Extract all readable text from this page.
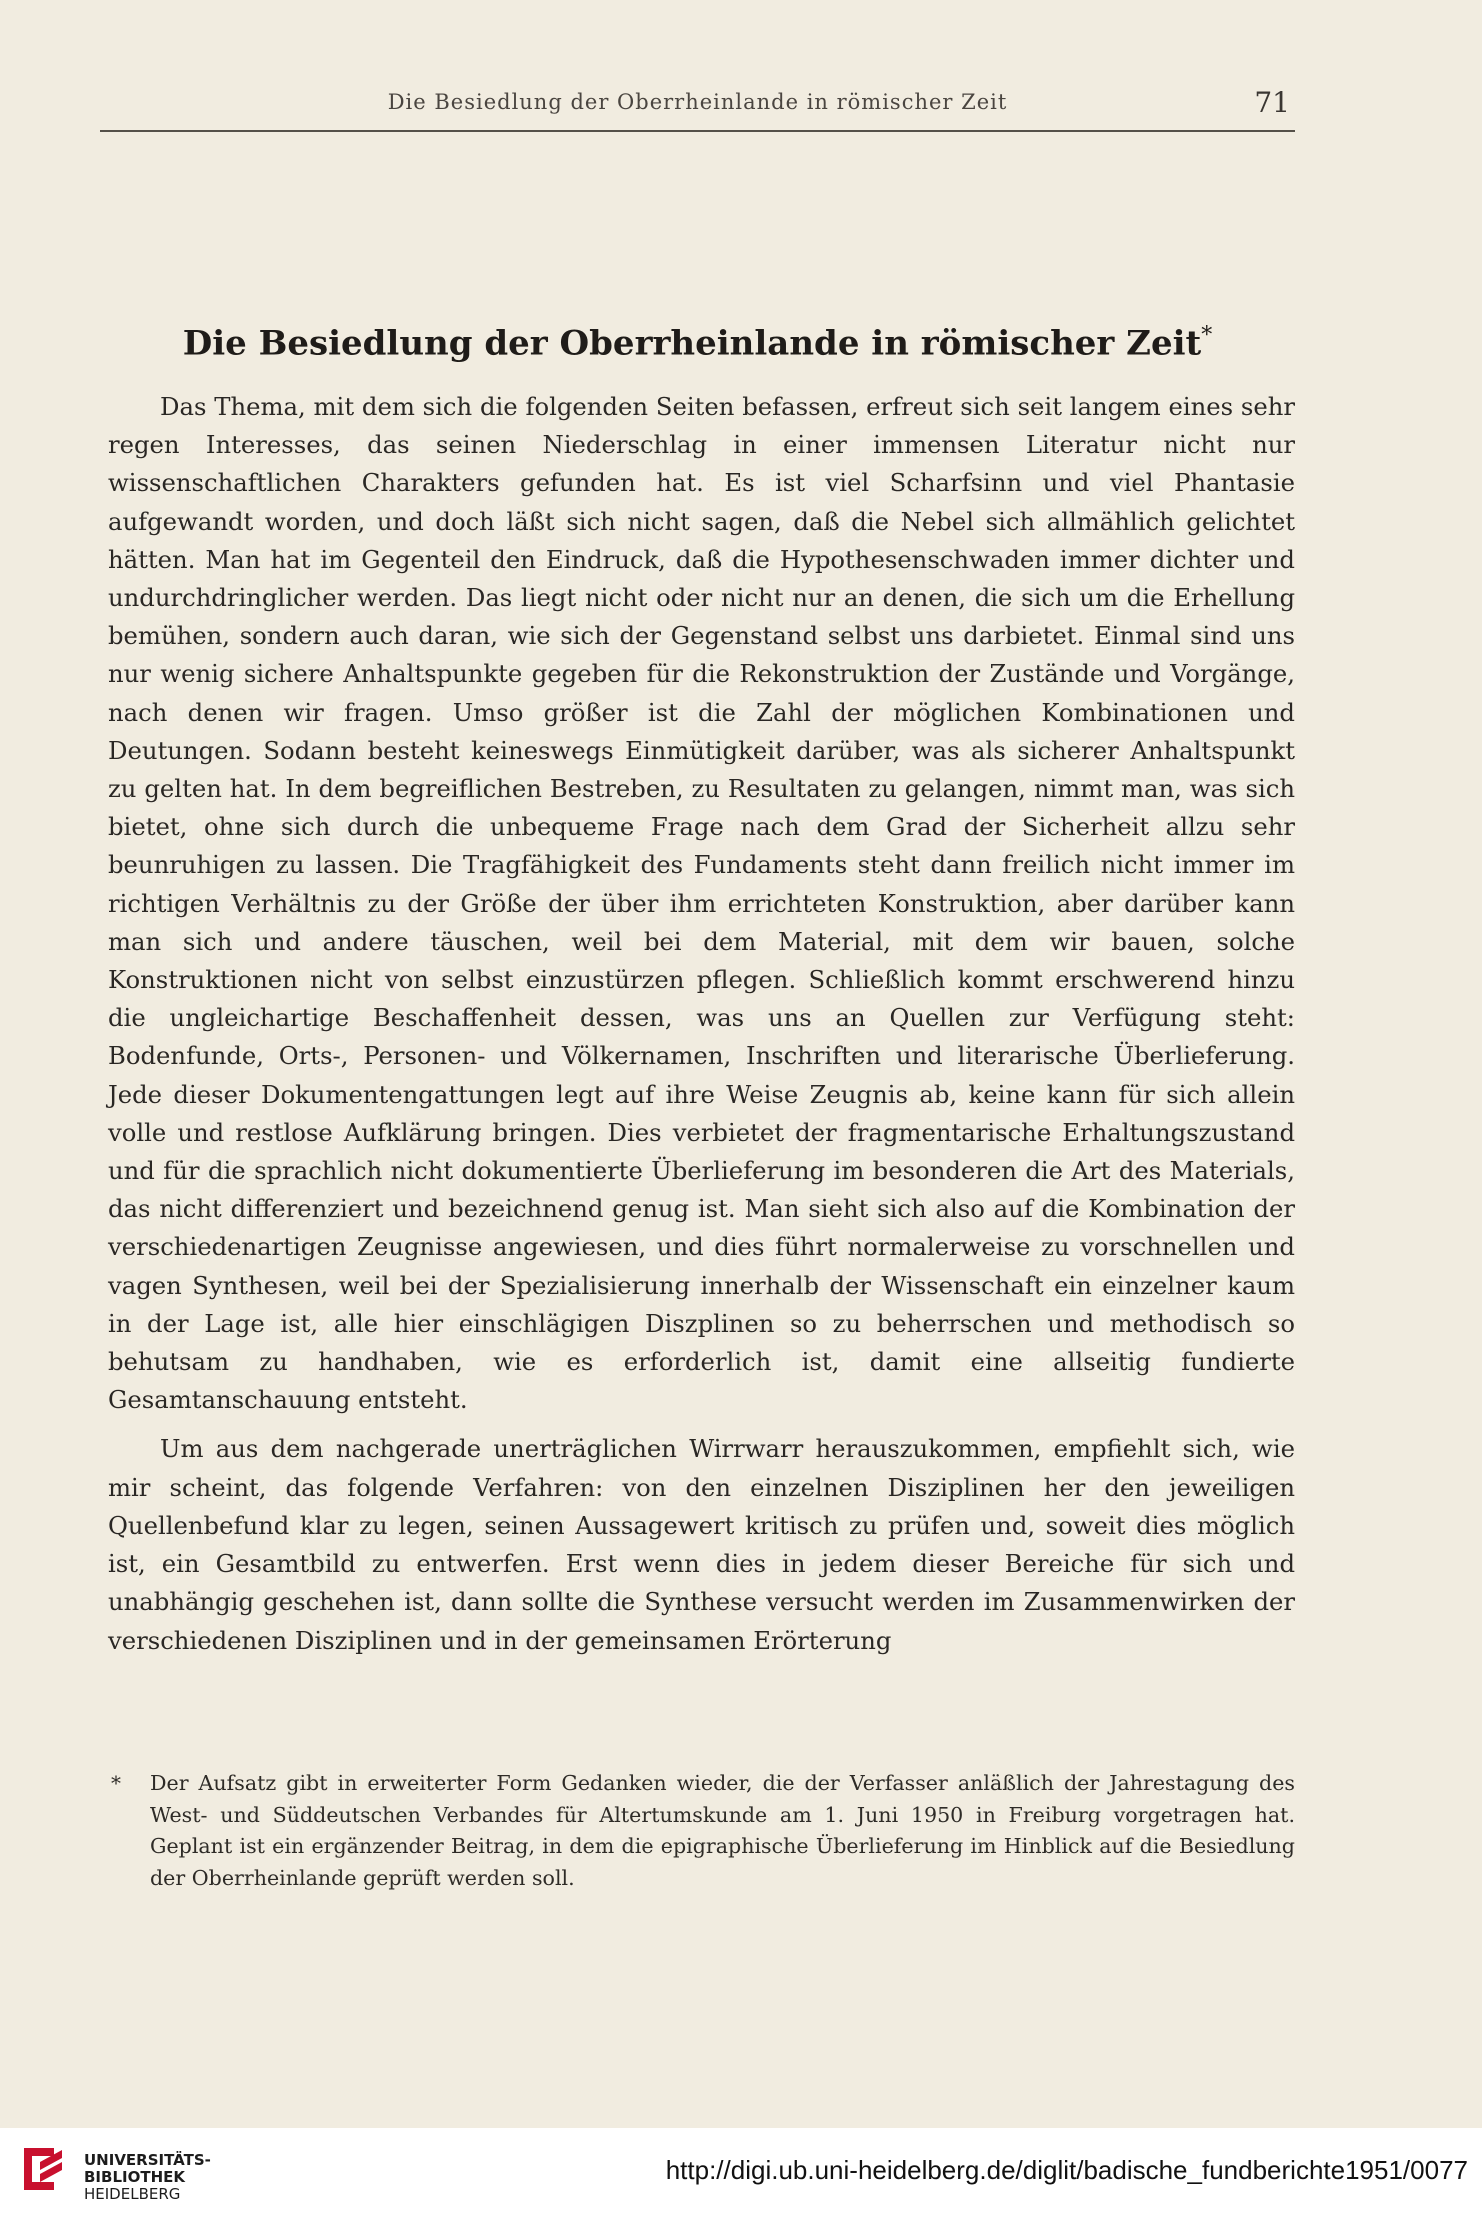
Die Besiedlung der Oberrheinlande in römischer Zeit	71
Die Besiedlung der Oberrheinlande in römischer Zeit*

Das Thema, mit dem sich die folgenden Seiten befassen, erfreut sich seit langem eines sehr regen Interesses, das seinen Niederschlag in einer immensen Literatur nicht nur wissenschaftlichen Charakters gefunden hat. Es ist viel Scharfsinn und viel Phantasie aufgewandt worden, und doch läßt sich nicht sagen, daß die Nebel sich allmählich gelichtet hätten. Man hat im Gegenteil den Eindruck, daß die Hypothesenschwaden immer dichter und undurchdringlicher werden. Das liegt nicht oder nicht nur an denen, die sich um die Erhellung bemühen, sondern auch daran, wie sich der Gegenstand selbst uns darbietet. Einmal sind uns nur wenig sichere Anhaltspunkte gegeben für die Rekonstruktion der Zustände und Vorgänge, nach denen wir fragen. Umso größer ist die Zahl der möglichen Kombinationen und Deutungen. Sodann besteht keineswegs Einmütigkeit darüber, was als sicherer Anhaltspunkt zu gelten hat. In dem begreiflichen Bestreben, zu Resultaten zu gelangen, nimmt man, was sich bietet, ohne sich durch die unbequeme Frage nach dem Grad der Sicherheit allzu sehr beunruhigen zu lassen. Die Tragfähigkeit des Fundaments steht dann freilich nicht immer im richtigen Verhältnis zu der Größe der über ihm errichteten Konstruktion, aber darüber kann man sich und andere täuschen, weil bei dem Material, mit dem wir bauen, solche Konstruktionen nicht von selbst einzustürzen pflegen. Schließlich kommt erschwerend hinzu die ungleichartige Beschaffenheit dessen, was uns an Quellen zur Verfügung steht: Bodenfunde, Orts-, Personen- und Völkernamen, Inschriften und literarische Überlieferung. Jede dieser Dokumentengattungen legt auf ihre Weise Zeugnis ab, keine kann für sich allein volle und restlose Aufklärung bringen. Dies verbietet der fragmentarische Erhaltungszustand und für die sprachlich nicht dokumentierte Überlieferung im besonderen die Art des Materials, das nicht differenziert und bezeichnend genug ist. Man sieht sich also auf die Kombination der verschiedenartigen Zeugnisse angewiesen, und dies führt normalerweise zu vorschnellen und vagen Synthesen, weil bei der Spezialisierung innerhalb der Wissenschaft ein einzelner kaum in der Lage ist, alle hier einschlägigen Diszplinen so zu beherrschen und methodisch so behutsam zu handhaben, wie es erforderlich ist, damit eine allseitig fundierte Gesamtanschauung entsteht.

Um aus dem nachgerade unerträglichen Wirrwarr herauszukommen, empfiehlt sich, wie mir scheint, das folgende Verfahren: von den einzelnen Disziplinen her den jeweiligen Quellenbefund klar zu legen, seinen Aussagewert kritisch zu prüfen und, soweit dies möglich ist, ein Gesamtbild zu entwerfen. Erst wenn dies in jedem dieser Bereiche für sich und unabhängig geschehen ist, dann sollte die Synthese versucht werden im Zusammenwirken der verschiedenen Disziplinen und in der gemeinsamen Erörterung

* Der Aufsatz gibt in erweiterter Form Gedanken wieder, die der Verfasser anläßlich der Jahrestagung des West- und Süddeutschen Verbandes für Altertumskunde am 1. Juni 1950 in Freiburg vorgetragen hat. Geplant ist ein ergänzender Beitrag, in dem die epigraphische Überlieferung im Hinblick auf die Besiedlung der Oberrheinlande geprüft werden soll.
UNIVERSITÄTS-
BIBLIOTHEK
HEIDELBERG
http://digi.ub.uni-heidelberg.de/diglit/badische_fundberichte1951/0077
